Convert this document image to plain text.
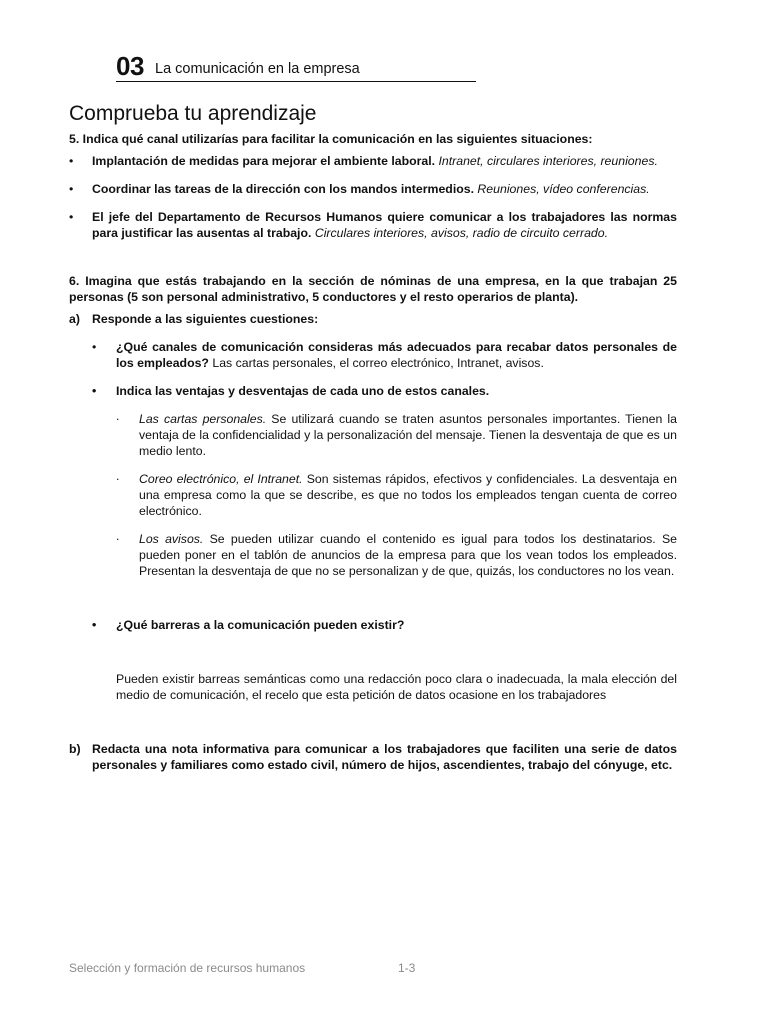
03 La comunicación en la empresa
Comprueba tu aprendizaje

5. Indica qué canal utilizarías para facilitar la comunicación en las siguientes situaciones:

• Implantación de medidas para mejorar el ambiente laboral. Intranet, circulares interiores, reuniones.
• Coordinar las tareas de la dirección con los mandos intermedios. Reuniones, vídeo conferencias.
• El jefe del Departamento de Recursos Humanos quiere comunicar a los trabajadores las normas para justificar las ausentas al trabajo. Circulares interiores, avisos, radio de circuito cerrado.

6. Imagina que estás trabajando en la sección de nóminas de una empresa, en la que trabajan 25 personas (5 son personal administrativo, 5 conductores y el resto operarios de planta).

a) Responde a las siguientes cuestiones:
• ¿Qué canales de comunicación consideras más adecuados para recabar datos personales de los empleados? Las cartas personales, el correo electrónico, Intranet, avisos.
• Indica las ventajas y desventajas de cada uno de estos canales.
. Las cartas personales. Se utilizará cuando se traten asuntos personales importantes. Tienen la ventaja de la confidencialidad y la personalización del mensaje. Tienen la desventaja de que es un medio lento.
. Coreo electrónico, el Intranet. Son sistemas rápidos, efectivos y confidenciales. La desventaja en una empresa como la que se describe, es que no todos los empleados tengan cuenta de correo electrónico.
. Los avisos. Se pueden utilizar cuando el contenido es igual para todos los destinatarios. Se pueden poner en el tablón de anuncios de la empresa para que los vean todos los empleados. Presentan la desventaja de que no se personalizan y de que, quizás, los conductores no los vean.
• ¿Qué barreras a la comunicación pueden existir?

Pueden existir barreas semánticas como una redacción poco clara o inadecuada, la mala elección del medio de comunicación, el recelo que esta petición de datos ocasione en los trabajadores

b) Redacta una nota informativa para comunicar a los trabajadores que faciliten una serie de datos personales y familiares como estado civil, número de hijos, ascendientes, trabajo del cónyuge, etc.
Selección y formación de recursos humanos	1-3
